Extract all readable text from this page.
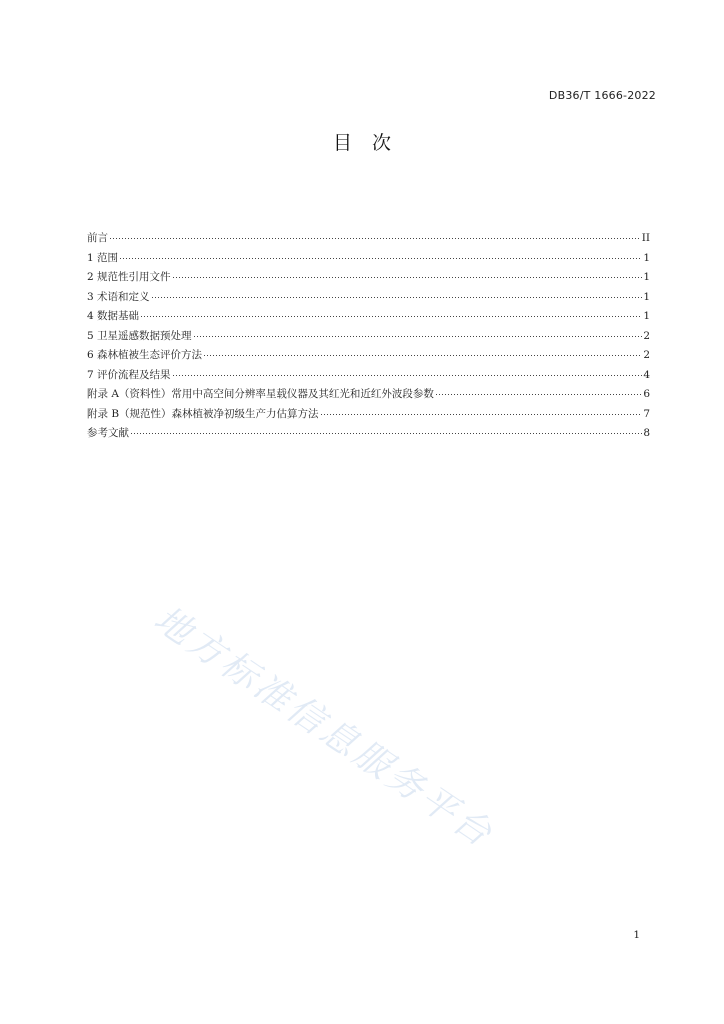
DB36/T 1666-2022
目次
前言	II
1 范围	1
2 规范性引用文件	1
3 术语和定义	1
4 数据基础	1
5 卫星遥感数据预处理	2
6 森林植被生态评价方法	2
7 评价流程及结果	4
附录 A（资料性）常用中高空间分辨率星载仪器及其红光和近红外波段参数	6
附录 B（规范性）森林植被净初级生产力估算方法	7
参考文献	8
地方标准信息服务平台
1
